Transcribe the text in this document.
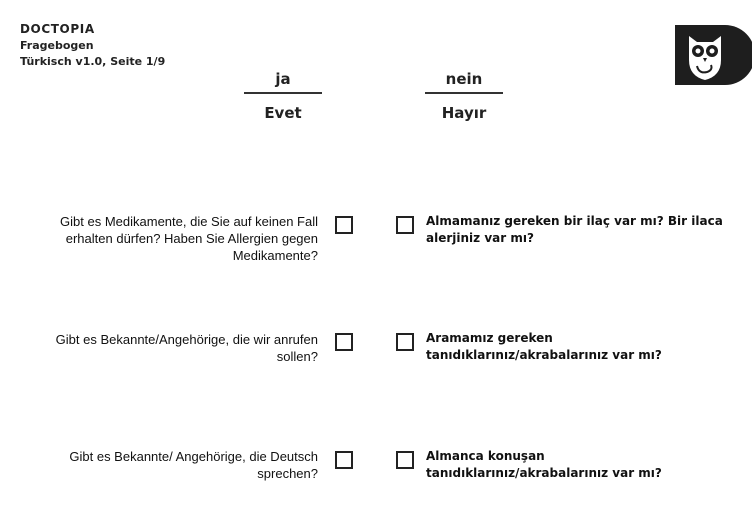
DOCTOPIA
Fragebogen
Türkisch v1.0, Seite 1/9
ja
Evet
nein
Hayır
Gibt es Medikamente, die Sie auf keinen Fall erhalten dürfen? Haben Sie Allergien gegen Medikamente?
Almamanız gereken bir ilaç var mı? Bir ilaca alerjiniz var mı?
Gibt es Bekannte/Angehörige, die wir anrufen sollen?
Aramamız gereken tanıdıklarınız/akrabalarınız var mı?
Gibt es Bekannte/ Angehörige, die Deutsch sprechen?
Almanca konuşan tanıdıklarınız/akrabalarınız var mı?
